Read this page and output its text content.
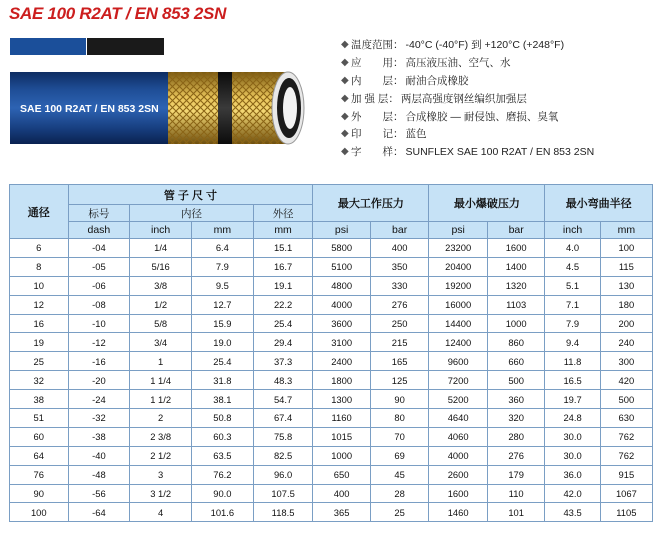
SAE 100 R2AT / EN 853 2SN
SAE 100 R2AT / EN 853 2SN
◆ 温度范围 ： -40°C (-40°F) 到 +120°C (+248°F)
◆ 应　　用 ： 高压液压油、空气、水
◆ 内　　层 ： 耐油合成橡胶
◆ 加 强 层 ： 两层高强度钢丝编织加强层
◆ 外　　层 ： 合成橡胶 — 耐侵蚀、磨损、臭氧
◆ 印　　记 ： 蓝色
◆ 字　　样 ： SUNFLEX SAE 100 R2AT / EN 853 2SN
通径	管 子 尺 寸				最大工作压力		最小爆破压力		最小弯曲半径	
	标号	内径		外径						
	dash	inch	mm	mm	psi	bar	psi	bar	inch	mm
6	-04	1/4	6.4	15.1	5800	400	23200	1600	4.0	100
8	-05	5/16	7.9	16.7	5100	350	20400	1400	4.5	115
10	-06	3/8	9.5	19.1	4800	330	19200	1320	5.1	130
12	-08	1/2	12.7	22.2	4000	276	16000	1103	7.1	180
16	-10	5/8	15.9	25.4	3600	250	14400	1000	7.9	200
19	-12	3/4	19.0	29.4	3100	215	12400	860	9.4	240
25	-16	1	25.4	37.3	2400	165	9600	660	11.8	300
32	-20	1 1/4	31.8	48.3	1800	125	7200	500	16.5	420
38	-24	1 1/2	38.1	54.7	1300	90	5200	360	19.7	500
51	-32	2	50.8	67.4	1160	80	4640	320	24.8	630
60	-38	2 3/8	60.3	75.8	1015	70	4060	280	30.0	762
64	-40	2 1/2	63.5	82.5	1000	69	4000	276	30.0	762
76	-48	3	76.2	96.0	650	45	2600	179	36.0	915
90	-56	3 1/2	90.0	107.5	400	28	1600	110	42.0	1067
100	-64	4	101.6	118.5	365	25	1460	101	43.5	1105
